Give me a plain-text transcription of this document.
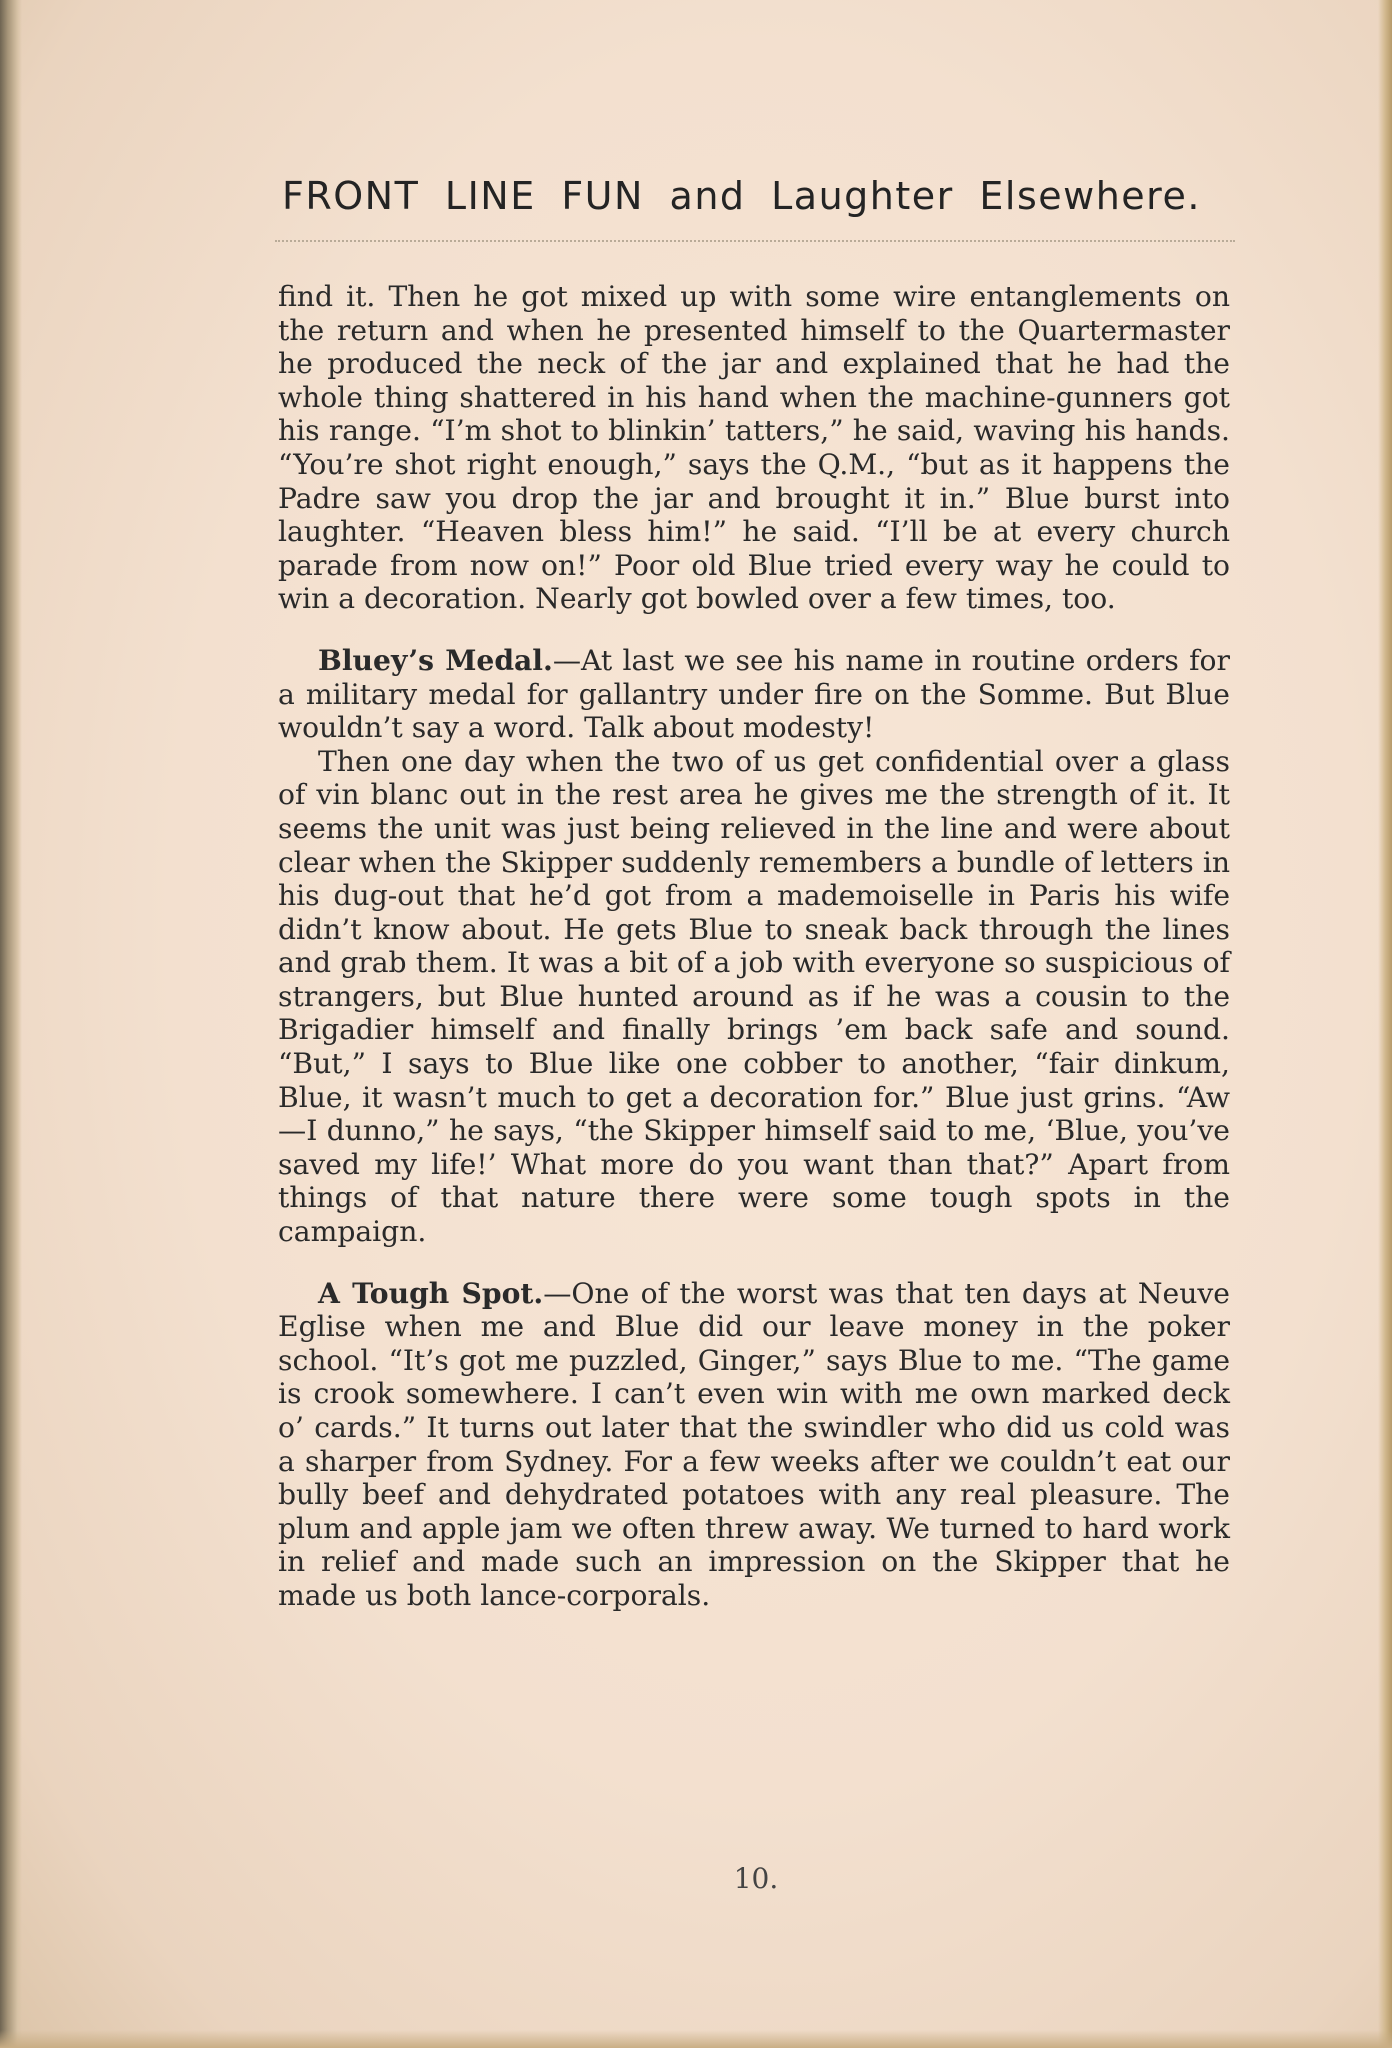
FRONT LINE FUN and Laughter Elsewhere.

find it. Then he got mixed up with some wire entanglements on the return and when he presented himself to the Quartermaster he produced the neck of the jar and explained that he had the whole thing shattered in his hand when the machine-gunners got his range. “I’m shot to blinkin’ tatters,” he said, waving his hands. “You’re shot right enough,” says the Q.M., “but as it happens the Padre saw you drop the jar and brought it in.” Blue burst into laughter. “Heaven bless him!” he said. “I’ll be at every church parade from now on!” Poor old Blue tried every way he could to win a decoration. Nearly got bowled over a few times, too.

Bluey’s Medal.—At last we see his name in routine orders for a military medal for gallantry under fire on the Somme. But Blue wouldn’t say a word. Talk about modesty!

Then one day when the two of us get confidential over a glass of vin blanc out in the rest area he gives me the strength of it. It seems the unit was just being relieved in the line and were about clear when the Skipper suddenly remembers a bundle of letters in his dug-out that he’d got from a mademoiselle in Paris his wife didn’t know about. He gets Blue to sneak back through the lines and grab them. It was a bit of a job with everyone so suspicious of strangers, but Blue hunted around as if he was a cousin to the Brigadier himself and finally brings ’em back safe and sound. “But,” I says to Blue like one cobber to another, “fair dinkum, Blue, it wasn’t much to get a decoration for.” Blue just grins. “Aw—I dunno,” he says, “the Skipper himself said to me, ‘Blue, you’ve saved my life!’ What more do you want than that?” Apart from things of that nature there were some tough spots in the campaign.

A Tough Spot.—One of the worst was that ten days at Neuve Eglise when me and Blue did our leave money in the poker school. “It’s got me puzzled, Ginger,” says Blue to me. “The game is crook somewhere. I can’t even win with me own marked deck o’ cards.” It turns out later that the swindler who did us cold was a sharper from Sydney. For a few weeks after we couldn’t eat our bully beef and dehydrated potatoes with any real pleasure. The plum and apple jam we often threw away. We turned to hard work in relief and made such an impression on the Skipper that he made us both lance-corporals.

10.
